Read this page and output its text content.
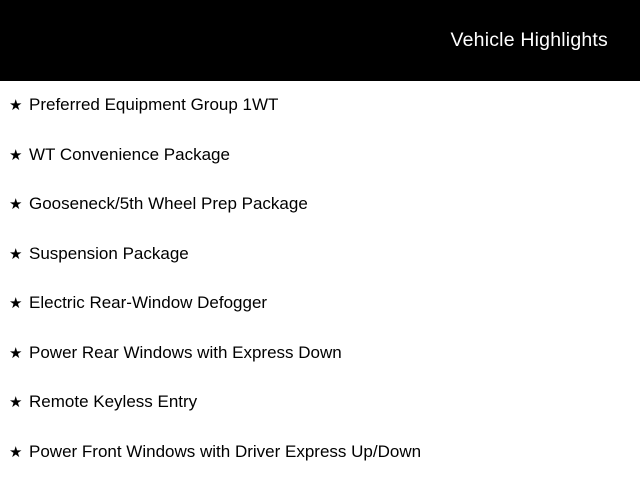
Vehicle Highlights
★ Preferred Equipment Group 1WT
★ WT Convenience Package
★ Gooseneck/5th Wheel Prep Package
★ Suspension Package
★ Electric Rear-Window Defogger
★ Power Rear Windows with Express Down
★ Remote Keyless Entry
★ Power Front Windows with Driver Express Up/Down
